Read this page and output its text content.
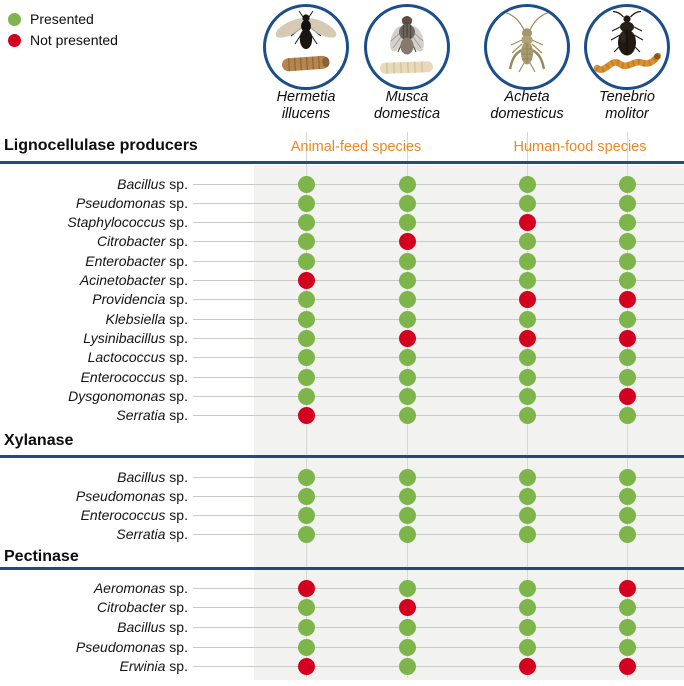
Lignocellulase producers
Xylanase
Pectinase
Bacillus sp.
Pseudomonas sp.
Staphylococcus sp.
Citrobacter sp.
Enterobacter sp.
Acinetobacter sp.
Providencia sp.
Klebsiella sp.
Lysinibacillus sp.
Lactococcus sp.
Enterococcus sp.
Dysgonomonas sp.
Serratia sp.
Bacillus sp.
Pseudomonas sp.
Enterococcus sp.
Serratia sp.
Aeromonas sp.
Citrobacter sp.
Bacillus sp.
Pseudomonas sp.
Erwinia sp.
Presented
Not presented
Hermetia
illucens
Musca
domestica
Acheta
domesticus
Tenebrio
molitor
Animal-feed species	Human-food species
